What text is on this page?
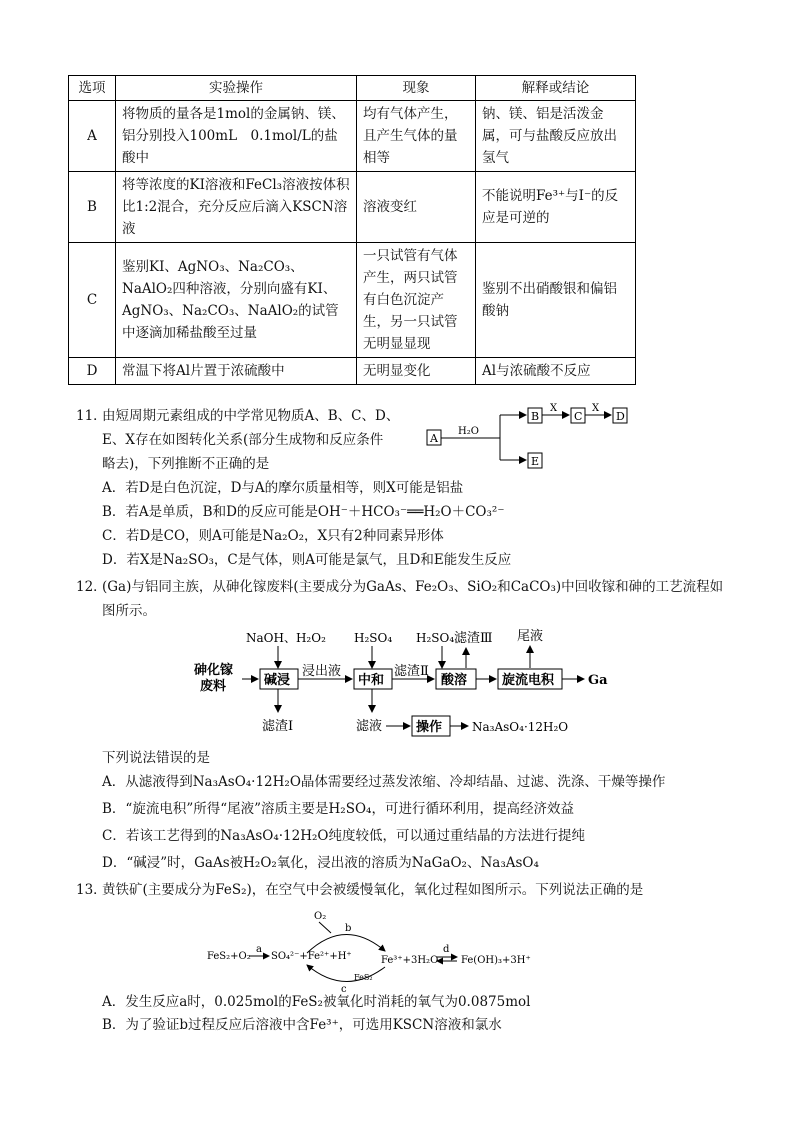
选项	实验操作	现象	解释或结论
A	将物质的量各是1mol的金属钠、镁、铝分别投入100mL　0.1mol/L的盐酸中	均有气体产生，且产生气体的量相等	钠、镁、铝是活泼金属，可与盐酸反应放出氢气
B	将等浓度的KI溶液和FeCl₃溶液按体积比1:2混合，充分反应后滴入KSCN溶液	溶液变红	不能说明Fe³⁺与I⁻的反应是可逆的
C	鉴别KI、AgNO₃、Na₂CO₃、NaAlO₂四种溶液，分别向盛有KI、AgNO₃、Na₂CO₃、NaAlO₂的试管中逐滴加稀盐酸至过量	一只试管有气体产生，两只试管有白色沉淀产生，另一只试管无明显显现	鉴别不出硝酸银和偏铝酸钠
D	常温下将Al片置于浓硫酸中	无明显变化	Al与浓硫酸不反应
11．
由短周期元素组成的中学常见物质A、B、C、D、
E、X存在如图转化关系(部分生成物和反应条件
略去)，下列推断不正确的是
A
H₂O
B
X
C
X
D
E
A．若D是白色沉淀，D与A的摩尔质量相等，则X可能是铝盐
B．若A是单质，B和D的反应可能是OH⁻＋HCO₃⁻══H₂O＋CO₃²⁻
C．若D是CO，则A可能是Na₂O₂，X只有2种同素异形体
D．若X是Na₂SO₃，C是气体，则A可能是氯气，且D和E能发生反应
12．
(Ga)与铝同主族，从砷化镓废料(主要成分为GaAs、Fe₂O₃、SiO₂和CaCO₃)中回收镓和砷的工艺流程如
图所示。
砷化镓
废料
NaOH、H₂O₂
碱浸
滤渣Ⅰ
浸出液
H₂SO₄
中和
滤液
滤渣Ⅱ
H₂SO₄ 滤渣Ⅲ
酸溶	旋流电积
尾液
Ga
操作 Na₃AsO₄·12H₂O
下列说法错误的是
A．从滤液得到Na₃AsO₄·12H₂O晶体需要经过蒸发浓缩、冷却结晶、过滤、洗涤、干燥等操作
B．“旋流电积”所得“尾液”溶质主要是H₂SO₄，可进行循环利用，提高经济效益
C．若该工艺得到的Na₃AsO₄·12H₂O纯度较低，可以通过重结晶的方法进行提纯
D．“碱浸”时，GaAs被H₂O₂氧化，浸出液的溶质为NaGaO₂、Na₃AsO₄
13．
黄铁矿(主要成分为FeS₂)，在空气中会被缓慢氧化，氧化过程如图所示。下列说法正确的是
O₂
b
FeS₂+O₂
a
SO₄²⁻+Fe²⁺+H⁺	Fe³⁺+3H₂O
c
FeS₂
d
Fe(OH)₃+3H⁺
A．发生反应a时，0.025mol的FeS₂被氧化时消耗的氧气为0.0875mol
B．为了验证b过程反应后溶液中含Fe³⁺，可选用KSCN溶液和氯水
